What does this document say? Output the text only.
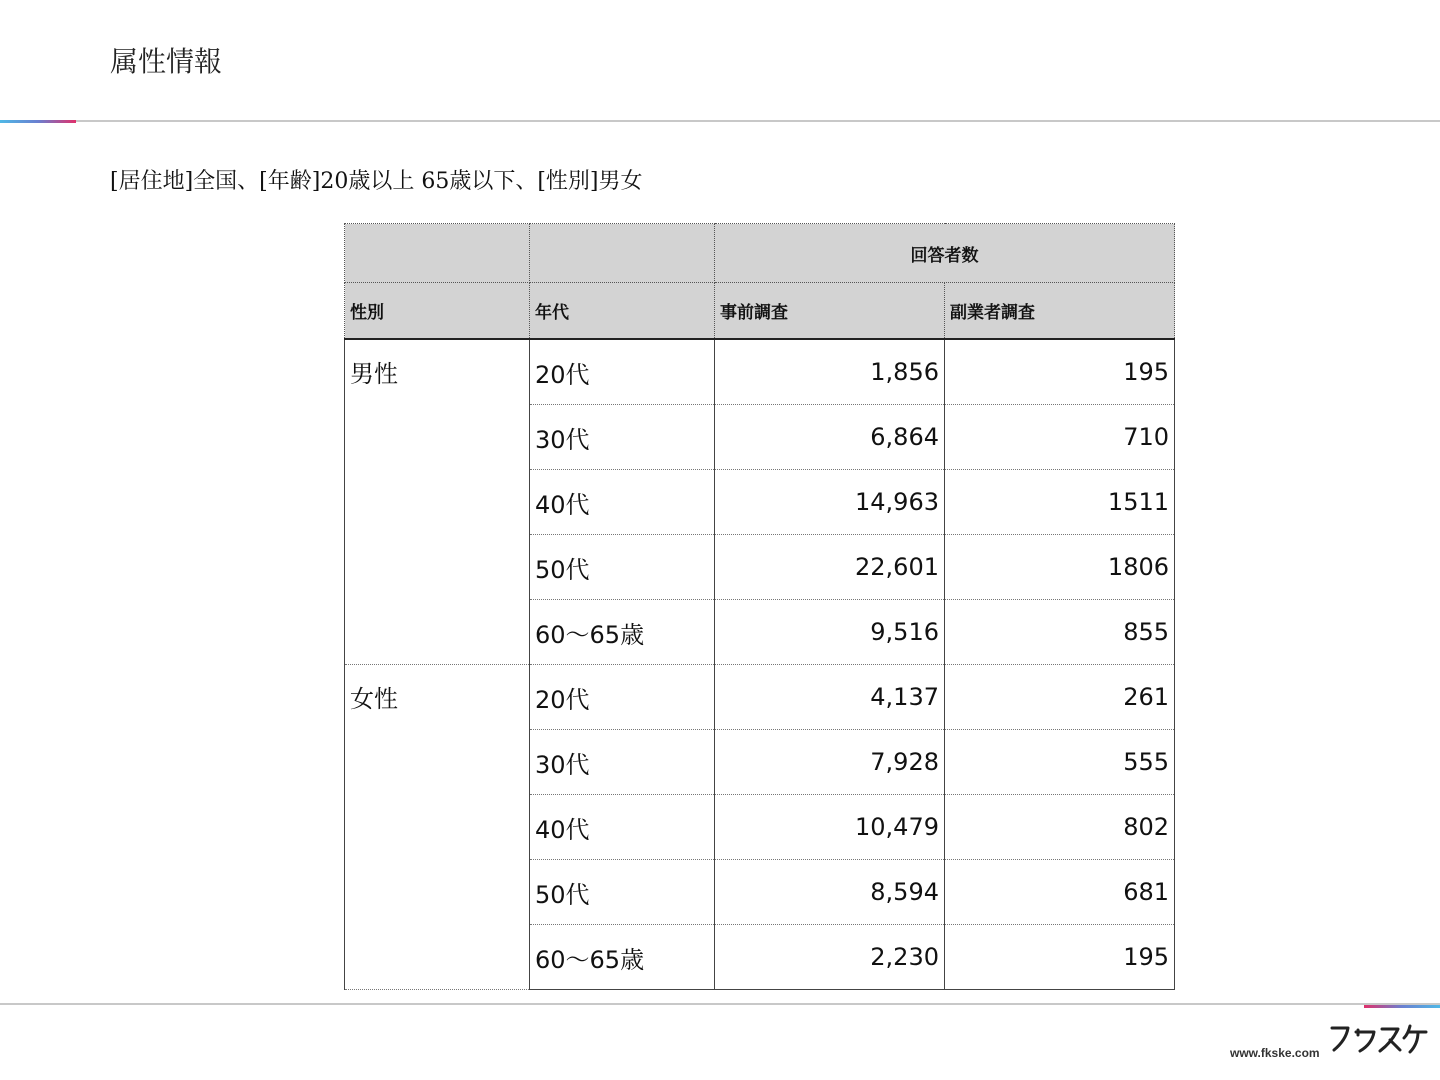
属性情報
[居住地]全国、[年齢]20歳以上 65歳以下、[性別]男女
		回答者数	
性別	年代	事前調査	副業者調査
男性	20代	1,856	195
	30代	6,864	710
	40代	14,963	1511
	50代	22,601	1806
	60〜65歳	9,516	855
女性	20代	4,137	261
	30代	7,928	555
	40代	10,479	802
	50代	8,594	681
	60〜65歳	2,230	195
www.fkske.com
